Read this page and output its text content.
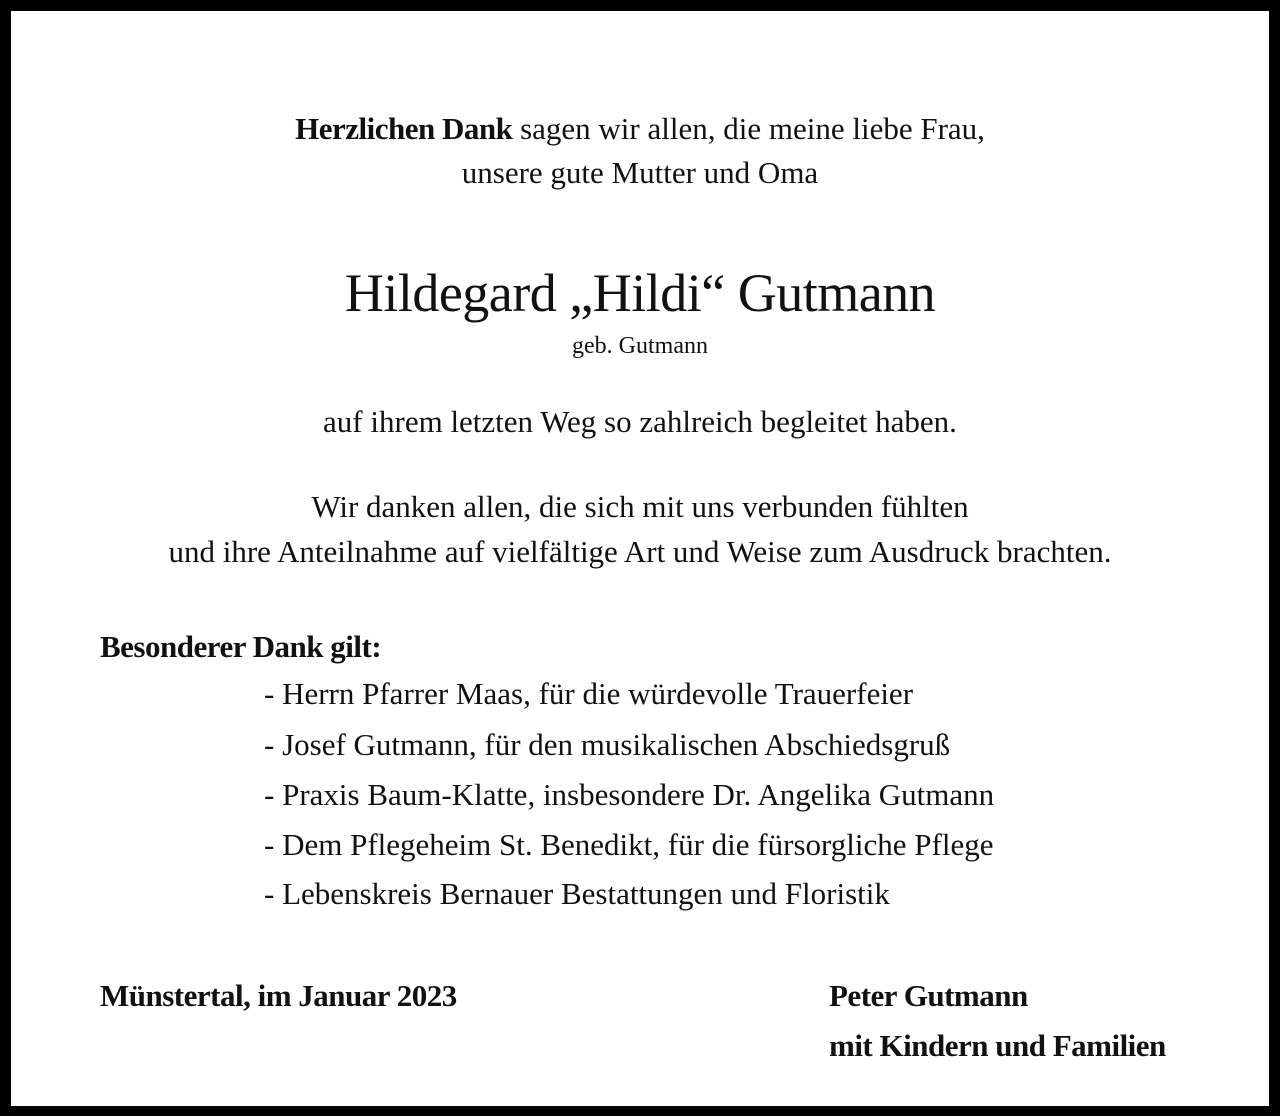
Herzlichen Dank sagen wir allen, die meine liebe Frau,
unsere gute Mutter und Oma
Hildegard „Hildi“ Gutmann
geb. Gutmann
auf ihrem letzten Weg so zahlreich begleitet haben.
Wir danken allen, die sich mit uns verbunden fühlten
und ihre Anteilnahme auf vielfältige Art und Weise zum Ausdruck brachten.
Besonderer Dank gilt:
- Herrn Pfarrer Maas, für die würdevolle Trauerfeier
- Josef Gutmann, für den musikalischen Abschiedsgruß
- Praxis Baum-Klatte, insbesondere Dr. Angelika Gutmann
- Dem Pflegeheim St. Benedikt, für die fürsorgliche Pflege
- Lebenskreis Bernauer Bestattungen und Floristik
Münstertal, im Januar 2023	Peter Gutmann
mit Kindern und Familien
